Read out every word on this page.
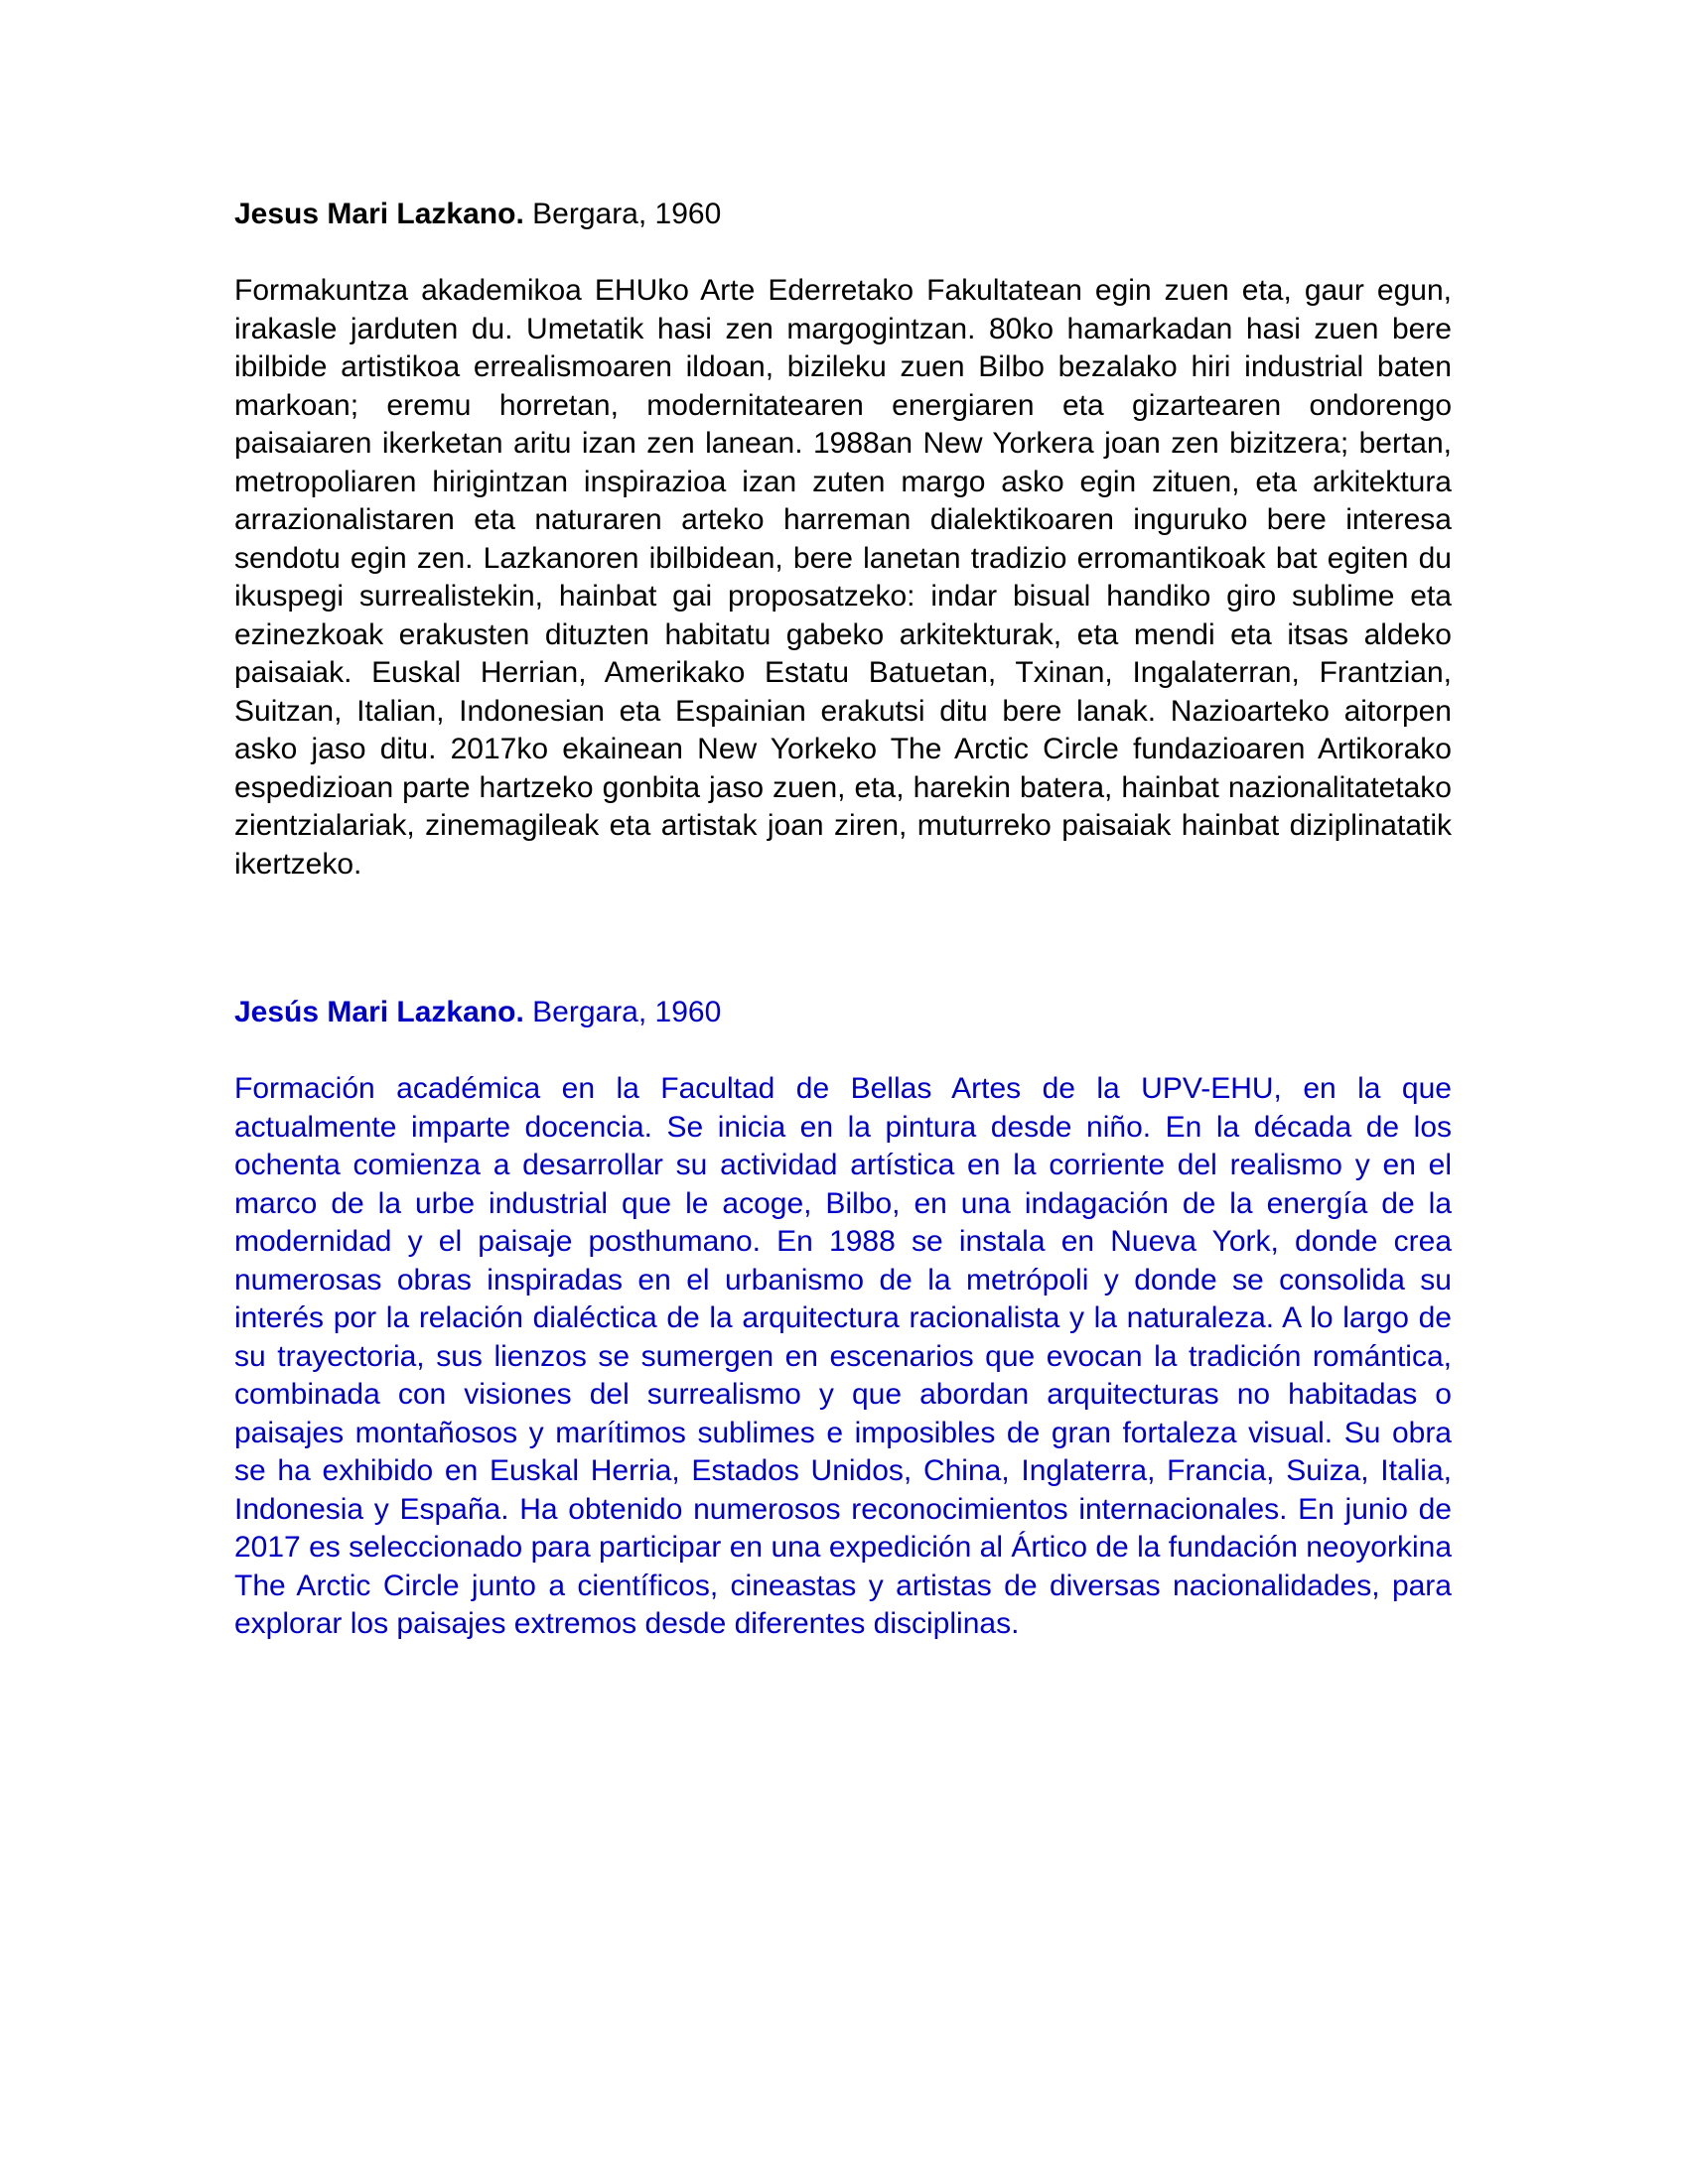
Jesus Mari Lazkano. Bergara, 1960

Formakuntza akademikoa EHUko Arte Ederretako Fakultatean egin zuen eta, gaur egun, irakasle jarduten du. Umetatik hasi zen margogintzan. 80ko hamarkadan hasi zuen bere ibilbide artistikoa errealismoaren ildoan, bizileku zuen Bilbo bezalako hiri industrial baten markoan; eremu horretan, modernitatearen energiaren eta gizartearen ondorengo paisaiaren ikerketan aritu izan zen lanean. 1988an New Yorkera joan zen bizitzera; bertan, metropoliaren hirigintzan inspirazioa izan zuten margo asko egin zituen, eta arkitektura arrazionalistaren eta naturaren arteko harreman dialektikoaren inguruko bere interesa sendotu egin zen. Lazkanoren ibilbidean, bere lanetan tradizio erromantikoak bat egiten du ikuspegi surrealistekin, hainbat gai proposatzeko: indar bisual handiko giro sublime eta ezinezkoak erakusten dituzten habitatu gabeko arkitekturak, eta mendi eta itsas aldeko paisaiak. Euskal Herrian, Amerikako Estatu Batuetan, Txinan, Ingalaterran, Frantzian, Suitzan, Italian, Indonesian eta Espainian erakutsi ditu bere lanak. Nazioarteko aitorpen asko jaso ditu. 2017ko ekainean New Yorkeko The Arctic Circle fundazioaren Artikorako espedizioan parte hartzeko gonbita jaso zuen, eta, harekin batera, hainbat nazionalitatetako zientzialariak, zinemagileak eta artistak joan ziren, muturreko paisaiak hainbat diziplinatatik ikertzeko.

Jesús Mari Lazkano. Bergara, 1960

Formación académica en la Facultad de Bellas Artes de la UPV-EHU, en la que actualmente imparte docencia. Se inicia en la pintura desde niño. En la década de los ochenta comienza a desarrollar su actividad artística en la corriente del realismo y en el marco de la urbe industrial que le acoge, Bilbo, en una indagación de la energía de la modernidad y el paisaje posthumano. En 1988 se instala en Nueva York, donde crea numerosas obras inspiradas en el urbanismo de la metrópoli y donde se consolida su interés por la relación dialéctica de la arquitectura racionalista y la naturaleza. A lo largo de su trayectoria, sus lienzos se sumergen en escenarios que evocan la tradición romántica, combinada con visiones del surrealismo y que abordan arquitecturas no habitadas o paisajes montañosos y marítimos sublimes e imposibles de gran fortaleza visual. Su obra se ha exhibido en Euskal Herria, Estados Unidos, China, Inglaterra, Francia, Suiza, Italia, Indonesia y España. Ha obtenido numerosos reconocimientos internacionales. En junio de 2017 es seleccionado para participar en una expedición al Ártico de la fundación neoyorkina The Arctic Circle junto a científicos, cineastas y artistas de diversas nacionalidades, para explorar los paisajes extremos desde diferentes disciplinas.
